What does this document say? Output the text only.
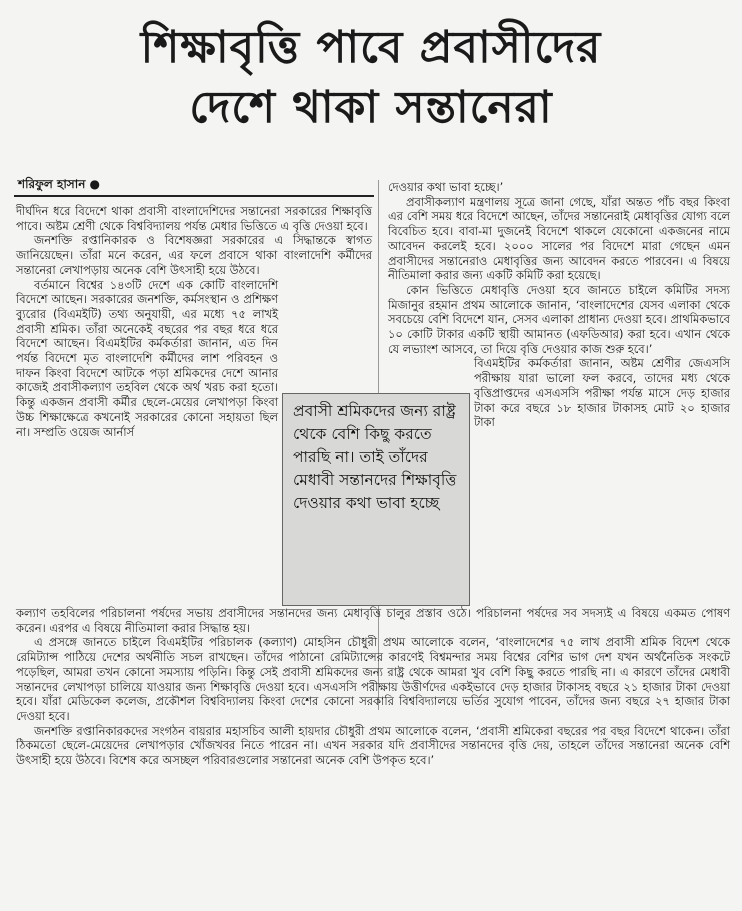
শিক্ষাবৃত্তি পাবে প্রবাসীদের
দেশে থাকা সন্তানেরা
শরিফুল হাসান ●

দীর্ঘদিন ধরে বিদেশে থাকা প্রবাসী বাংলাদেশিদের সন্তানেরা সরকারের শিক্ষাবৃত্তি পাবে। অষ্টম শ্রেণী থেকে বিশ্ববিদ্যালয় পর্যন্ত মেধার ভিত্তিতে এ বৃত্তি দেওয়া হবে।

জনশক্তি রপ্তানিকারক ও বিশেষজ্ঞরা সরকারের এ সিদ্ধান্তকে স্বাগত জানিয়েছেন। তাঁরা মনে করেন, এর ফলে প্রবাসে থাকা বাংলাদেশি কর্মীদের সন্তানেরা লেখাপড়ায় অনেক বেশি উৎসাহী হয়ে উঠবে।

বর্তমানে বিশ্বের ১৪৩টি দেশে এক কোটি বাংলাদেশি বিদেশে আছেন। সরকারের জনশক্তি, কর্মসংস্থান ও প্রশিক্ষণ ব্যুরোর (বিএমইটি) তথ্য অনুযায়ী, এর মধ্যে ৭৫ লাখই প্রবাসী শ্রমিক। তাঁরা অনেকেই বছরের পর বছর ধরে ধরে বিদেশে আছেন। বিএমইটির কর্মকর্তারা জানান, এত দিন পর্যন্ত বিদেশে মৃত বাংলাদেশি কর্মীদের লাশ পরিবহন ও দাফন কিংবা বিদেশে আটকে পড়া শ্রমিকদের দেশে আনার কাজেই প্রবাসীকল্যাণ তহবিল থেকে অর্থ খরচ করা হতো। কিন্তু একজন প্রবাসী কর্মীর ছেলে-মেয়ের লেখাপড়া কিংবা উচ্চ শিক্ষাক্ষেত্রে কখনোই সরকারের কোনো সহায়তা ছিল না। সম্প্রতি ওয়েজ আর্নার্স

প্রবাসী শ্রমিকদের জন্য রাষ্ট্র থেকে বেশি কিছু করতে পারছি না। তাই তাঁদের মেধাবী সন্তানদের শিক্ষাবৃত্তি দেওয়ার কথা ভাবা হচ্ছে

দেওয়ার কথা ভাবা হচ্ছে।’

প্রবাসীকল্যাণ মন্ত্রণালয় সূত্রে জানা গেছে, যাঁরা অন্তত পাঁচ বছর কিংবা এর বেশি সময় ধরে বিদেশে আছেন, তাঁদের সন্তানেরাই মেধাবৃত্তির যোগ্য বলে বিবেচিত হবে। বাবা-মা দুজনেই বিদেশে থাকলে যেকোনো একজনের নামে আবেদন করলেই হবে। ২০০০ সালের পর বিদেশে মারা গেছেন এমন প্রবাসীদের সন্তানেরাও মেধাবৃত্তির জন্য আবেদন করতে পারবেন। এ বিষয়ে নীতিমালা করার জন্য একটি কমিটি করা হয়েছে।

কোন ভিত্তিতে মেধাবৃত্তি দেওয়া হবে জানতে চাইলে কমিটির সদস্য মিজানুর রহমান প্রথম আলোকে জানান, ‘বাংলাদেশের যেসব এলাকা থেকে সবচেয়ে বেশি বিদেশে যান, সেসব এলাকা প্রাধান্য দেওয়া হবে। প্রাথমিকভাবে ১০ কোটি টাকার একটি স্থায়ী আমানত (এফডিআর) করা হবে। এখান থেকে যে লভ্যাংশ আসবে, তা দিয়ে বৃত্তি দেওয়ার কাজ শুরু হবে।’

বিএমইটির কর্মকর্তারা জানান, অষ্টম শ্রেণীর জেএসসি পরীক্ষায় যারা ভালো ফল করবে, তাদের মধ্য থেকে বৃত্তিপ্রাপ্তদের এসএসসি পরীক্ষা পর্যন্ত মাসে দেড় হাজার টাকা করে বছরে ১৮ হাজার টাকাসহ মোট ২০ হাজার টাকা

কল্যাণ তহবিলের পরিচালনা পর্ষদের সভায় প্রবাসীদের সন্তানদের জন্য মেধাবৃত্তি চালুর প্রস্তাব ওঠে। পরিচালনা পর্ষদের সব সদস্যই এ বিষয়ে একমত পোষণ করেন। এরপর এ বিষয়ে নীতিমালা করার সিদ্ধান্ত হয়।

এ প্রসঙ্গে জানতে চাইলে বিএমইটির পরিচালক (কল্যাণ) মোহসিন চৌধুরী প্রথম আলোকে বলেন, ‘বাংলাদেশের ৭৫ লাখ প্রবাসী শ্রমিক বিদেশ থেকে রেমিট্যান্স পাঠিয়ে দেশের অর্থনীতি সচল রাখছেন। তাঁদের পাঠানো রেমিট্যান্সের কারণেই বিশ্বমন্দার সময় বিশ্বের বেশির ভাগ দেশ যখন অর্থনৈতিক সংকটে পড়েছিল, আমরা তখন কোনো সমস্যায় পড়িনি। কিন্তু সেই প্রবাসী শ্রমিকদের জন্য রাষ্ট্র থেকে আমরা খুব বেশি কিছু করতে পারছি না। এ কারণে তাঁদের মেধাবী সন্তানদের লেখাপড়া চালিয়ে যাওয়ার জন্য শিক্ষাবৃত্তি দেওয়া হবে। এসএসসি পরীক্ষায় উত্তীর্ণদের একইভাবে দেড় হাজার টাকাসহ বছরে ২১ হাজার টাকা দেওয়া হবে। যাঁরা মেডিকেল কলেজ, প্রকৌশল বিশ্ববিদ্যালয় কিংবা দেশের কোনো সরকারি বিশ্ববিদ্যালয়ে ভর্তির সুযোগ পাবেন, তাঁদের জন্য বছরে ২৭ হাজার টাকা দেওয়া হবে।

জনশক্তি রপ্তানিকারকদের সংগঠন বায়রার মহাসচিব আলী হায়দার চৌধুরী প্রথম আলোকে বলেন, ‘প্রবাসী শ্রমিকেরা বছরের পর বছর বিদেশে থাকেন। তাঁরা ঠিকমতো ছেলে-মেয়েদের লেখাপড়ার খোঁজখবর নিতে পারেন না। এখন সরকার যদি প্রবাসীদের সন্তানদের বৃত্তি দেয়, তাহলে তাঁদের সন্তানেরা অনেক বেশি উৎসাহী হয়ে উঠবে। বিশেষ করে অসচ্ছল পরিবারগুলোর সন্তানেরা অনেক বেশি উপকৃত হবে।’
